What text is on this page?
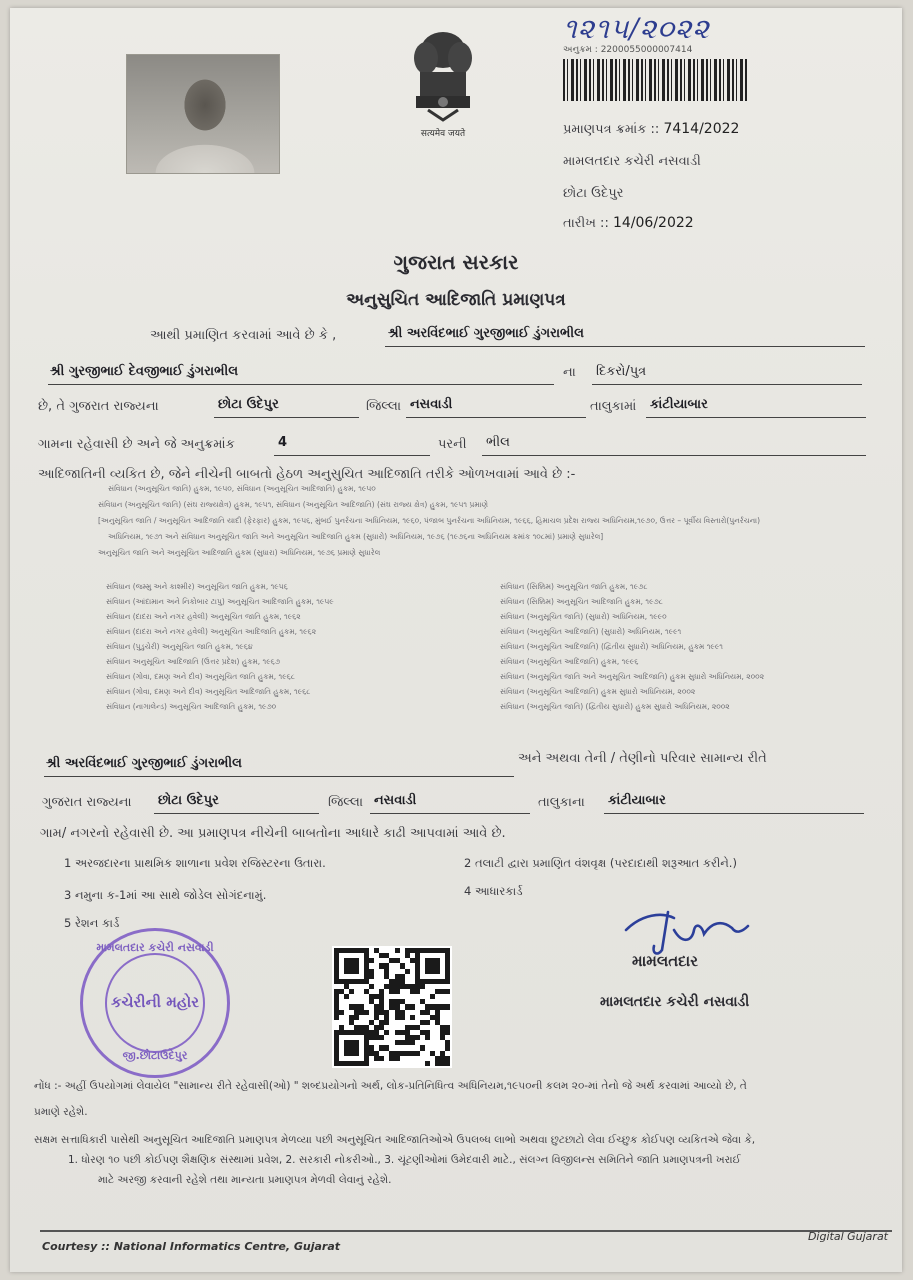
૧૨૧૫/૨૦૨૨
અનુક્રમ : 2200055000007414
सत्यमेव जयते	પ્રમાણપત્ર ક્રમાંક :: 7414/2022
મામલતદાર કચેરી નસવાડી
છોટા ઉદેપુર
તારીખ :: 14/06/2022
ગુજરાત સરકાર
અનુસુચિત આદિજાતિ પ્રમાણપત્ર
આથી પ્રમાણિત કરવામાં આવે છે કે ,	શ્રી અરવિંદભાઈ ગુરજીભાઈ ડુંગરાભીલ
શ્રી ગુરજીભાઈ દેવજીભાઈ ડુંગરાભીલ	ના દિકરો/પુત્ર
છે, તે ગુજરાત રાજ્યના	છોટા ઉદેપુર	જિલ્લા નસવાડી	તાલુકામાં કાંટીયાબાર
ગામના રહેવાસી છે અને જે અનુક્રમાંક	4	પરની ભીલ
આદિજાતિની વ્યકિત છે, જેને નીચેની બાબતો હેઠળ અનુસુચિત આદિજાતિ તરીકે ઓળખવામાં આવે છે :-
સંવિધાન (અનુસૂચિત જાતિ) હુકમ, ૧૯૫૦, સંવિધાન (અનુસૂચિત આદિજાતિ) હુકમ, ૧૯૫૦
સંવિધાન (અનુસૂચિત જાતિ) (સંઘ રાજ્યક્ષેત્ર) હુકમ, ૧૯૫૧, સંવિધાન (અનુસૂચિત આદિજાતિ) (સંઘ રાજ્ય ક્ષેત્ર) હુકમ, ૧૯૫૧ પ્રમાણે
[અનુસૂચિત જાતિ / અનુસૂચિત આદિજાતિ યાદી (ફેરફાર) હુકમ, ૧૯૫૬, મુંબઈ પુનર્રચના અધિનિયમ, ૧૯૬૦, પંજાબ પુનર્રચના અધિનિયમ, ૧૯૬૬, હિમાચલ પ્રદેશ રાજ્ય અધિનિયમ,૧૯૭૦, ઉત્તર – પૂર્વીય વિસ્તારો(પુનર્રચના)
અધિનિયમ, ૧૯૭૧ અને સંવિધાન અનુસૂચિત જાતિ અને અનુસૂચિત આદિજાતિ હુકમ (સુધારો) અધિનિયમ, ૧૯૭૬ (૧૯૭૬ના અધિનિયમ ક્રમાંક ૧૦૮માં) પ્રમાણે સુધારેલ]
અનુસૂચિત જાતિ અને અનુસૂચિત આદિજાતિ હુકમ (સુધારા) અધિનિયમ, ૧૯૭૬ પ્રમાણે સુધારેલ
સંવિધાન (જમ્મુ અને કાશ્મીર) અનુસૂચિત જાતિ હુકમ, ૧૯૫૬
સંવિધાન (આંદામાન અને નિકોબાર ટાપુ) અનુસૂચિત આદિજાતિ હુકમ, ૧૯૫૯
સંવિધાન (દાદરા અને નગર હવેલી) અનુસૂચિત જાતિ હુકમ, ૧૯૬૨
સંવિધાન (દાદરા અને નગર હવેલી) અનુસૂચિત આદિજાતિ હુકમ, ૧૯૬૨
સંવિધાન (પુડુચેરી) અનુસૂચિત જાતિ હુકમ, ૧૯૬૪
સંવિધાન અનુસૂચિત આદિજાતિ (ઉત્તર પ્રદેશ) હુકમ, ૧૯૬૭
સંવિધાન (ગોવા, દમણ અને દીવ) અનુસૂચિત જાતિ હુકમ, ૧૯૬૮
સંવિધાન (ગોવા, દમણ અને દીવ) અનુસૂચિત આદિજાતિ હુકમ, ૧૯૬૮
સંવિધાન (નાગાલેન્ડ) અનુસૂચિત આદિજાતિ હુકમ, ૧૯૭૦
સંવિધાન (સિક્કિમ) અનુસૂચિત જાતિ હુકમ, ૧૯૭૮
સંવિધાન (સિક્કિમ) અનુસૂચિત આદિજાતિ હુકમ, ૧૯૭૮
સંવિધાન (અનુસૂચિત જાતિ) (સુધારો) અધિનિયમ, ૧૯૯૦
સંવિધાન (અનુસૂચિત આદિજાતિ) (સુધારો) અધિનિયમ, ૧૯૯૧
સંવિધાન (અનુસૂચિત આદિજાતિ) (દ્વિતીય સુધારો) અધિનિયમ, હુકમ ૧૯૯૧
સંવિધાન (અનુસૂચિત આદિજાતિ) હુકમ, ૧૯૯૬
સંવિધાન (અનુસૂચિત જાતિ અને અનુસૂચિત આદિજાતિ) હુકમ સુધારો અધિનિયમ, ૨૦૦૨
સંવિધાન (અનુસૂચિત આદિજાતિ) હુકમ સુધારો અધિનિયમ, ૨૦૦૨
સંવિધાન (અનુસૂચિત જાતિ) (દ્વિતીય સુધારો) હુકમ સુધારો અધિનિયમ, ૨૦૦૨
શ્રી અરવિંદભાઈ ગુરજીભાઈ ડુંગરાભીલ	અને અથવા તેની / તેણીનો પરિવાર સામાન્ય રીતે
ગુજરાત રાજ્યના છોટા ઉદેપુર	જિલ્લા નસવાડી	તાલુકાના કાંટીયાબાર
ગામ/ નગરનો રહેવાસી છે. આ પ્રમાણપત્ર નીચેની બાબતોના આધારે કાઢી આપવામાં આવે છે.
1 અરજદારના પ્રાથમિક શાળાના પ્રવેશ રજિસ્ટરના ઉતારા.	2 તલાટી દ્વારા પ્રમાણિત વંશવૃક્ષ (પરદાદાથી શરૂઆત કરીને.)
3 નમુના ક-1માં આ સાથે જોડેલ સોગંદનામું.	4 આધારકાર્ડ
5 રેશન કાર્ડ
મામલતદાર કચેરી નસવાડી
કચેરીની મહોર
જી.છોટાઉદેપુર
મામલતદાર
મામલતદાર કચેરી નસવાડી
નોંધ :- અહીં ઉપયોગમાં લેવાયેલ "સામાન્ય રીતે રહેવાસી(ઓ) " શબ્દપ્રયોગનો અર્થ, લોક-પ્રતિનિધિત્વ અધિનિયમ,૧૯૫૦ની કલમ ૨૦-માં તેનો જે અર્થ કરવામાં આવ્યો છે, તે
પ્રમાણે રહેશે.
સક્ષમ સત્તાધિકારી પાસેથી અનુસૂચિત આદિજાતિ પ્રમાણપત્ર મેળવ્યા પછી અનુસૂચિત આદિજાતિઓએ ઉપલબ્ધ લાભો અથવા છુટછાટો લેવા ઈચ્છુક કોઈપણ વ્યકિતએ જેવા કે,
1. ધોરણ ૧૦ પછી કોઈપણ શૈક્ષણિક સંસ્થામાં પ્રવેશ, 2. સરકારી નોકરીઓ., 3. ચૂંટણીઓમાં ઉમેદવારી માટે., સંલગ્ન વિજીલન્સ સમિતિને જાતિ પ્રમાણપત્રની ખરાઈ
માટે અરજી કરવાની રહેશે તથા માન્યતા પ્રમાણપત્ર મેળવી લેવાનું રહેશે.
Courtesy :: National Informatics Centre, Gujarat
Digital Gujarat
